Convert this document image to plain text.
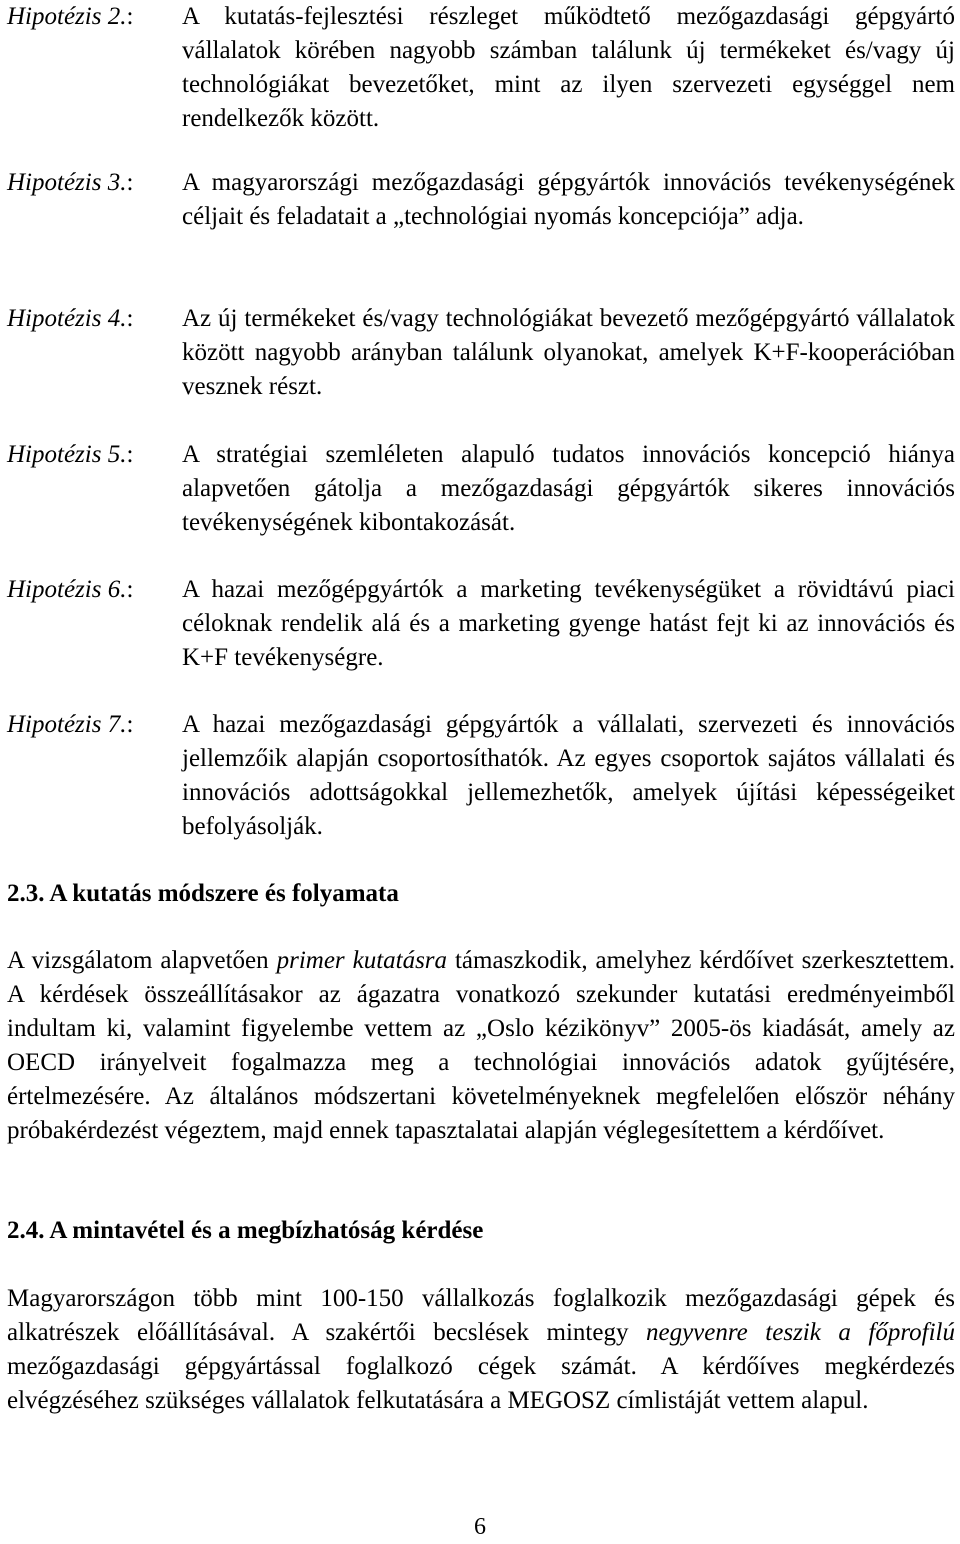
Hipotézis 2.:	A kutatás-fejlesztési részleget működtető mezőgazdasági gépgyártó vállalatok körében nagyobb számban találunk új termékeket és/vagy új technológiákat bevezetőket, mint az ilyen szervezeti egységgel nem rendelkezők között.
Hipotézis 3.:	A magyarországi mezőgazdasági gépgyártók innovációs tevékenységének céljait és feladatait a „technológiai nyomás koncepciója” adja.
Hipotézis 4.:	Az új termékeket és/vagy technológiákat bevezető mezőgépgyártó vállalatok között nagyobb arányban találunk olyanokat, amelyek K+F-kooperációban vesznek részt.
Hipotézis 5.:	A stratégiai szemléleten alapuló tudatos innovációs koncepció hiánya alapvetően gátolja a mezőgazdasági gépgyártók sikeres innovációs tevékenységének kibontakozását.
Hipotézis 6.:	A hazai mezőgépgyártók a marketing tevékenységüket a rövidtávú piaci céloknak rendelik alá és a marketing gyenge hatást fejt ki az innovációs és K+F tevékenységre.
Hipotézis 7.:	A hazai mezőgazdasági gépgyártók a vállalati, szervezeti és innovációs jellemzőik alapján csoportosíthatók. Az egyes csoportok sajátos vállalati és innovációs adottságokkal jellemezhetők, amelyek újítási képességeiket befolyásolják.
2.3. A kutatás módszere és folyamata
A vizsgálatom alapvetően primer kutatásra támaszkodik, amelyhez kérdőívet szerkesztettem. A kérdések összeállításakor az ágazatra vonatkozó szekunder kutatási eredményeimből indultam ki, valamint figyelembe vettem az „Oslo kézikönyv” 2005-ös kiadását, amely az OECD irányelveit fogalmazza meg a technológiai innovációs adatok gyűjtésére, értelmezésére. Az általános módszertani követelményeknek megfelelően először néhány próbakérdezést végeztem, majd ennek tapasztalatai alapján véglegesítettem a kérdőívet.
2.4. A mintavétel és a megbízhatóság kérdése
Magyarországon több mint 100-150 vállalkozás foglalkozik mezőgazdasági gépek és alkatrészek előállításával. A szakértői becslések mintegy negyvenre teszik a főprofilú mezőgazdasági gépgyártással foglalkozó cégek számát. A kérdőíves megkérdezés elvégzéséhez szükséges vállalatok felkutatására a MEGOSZ címlistáját vettem alapul.
6
